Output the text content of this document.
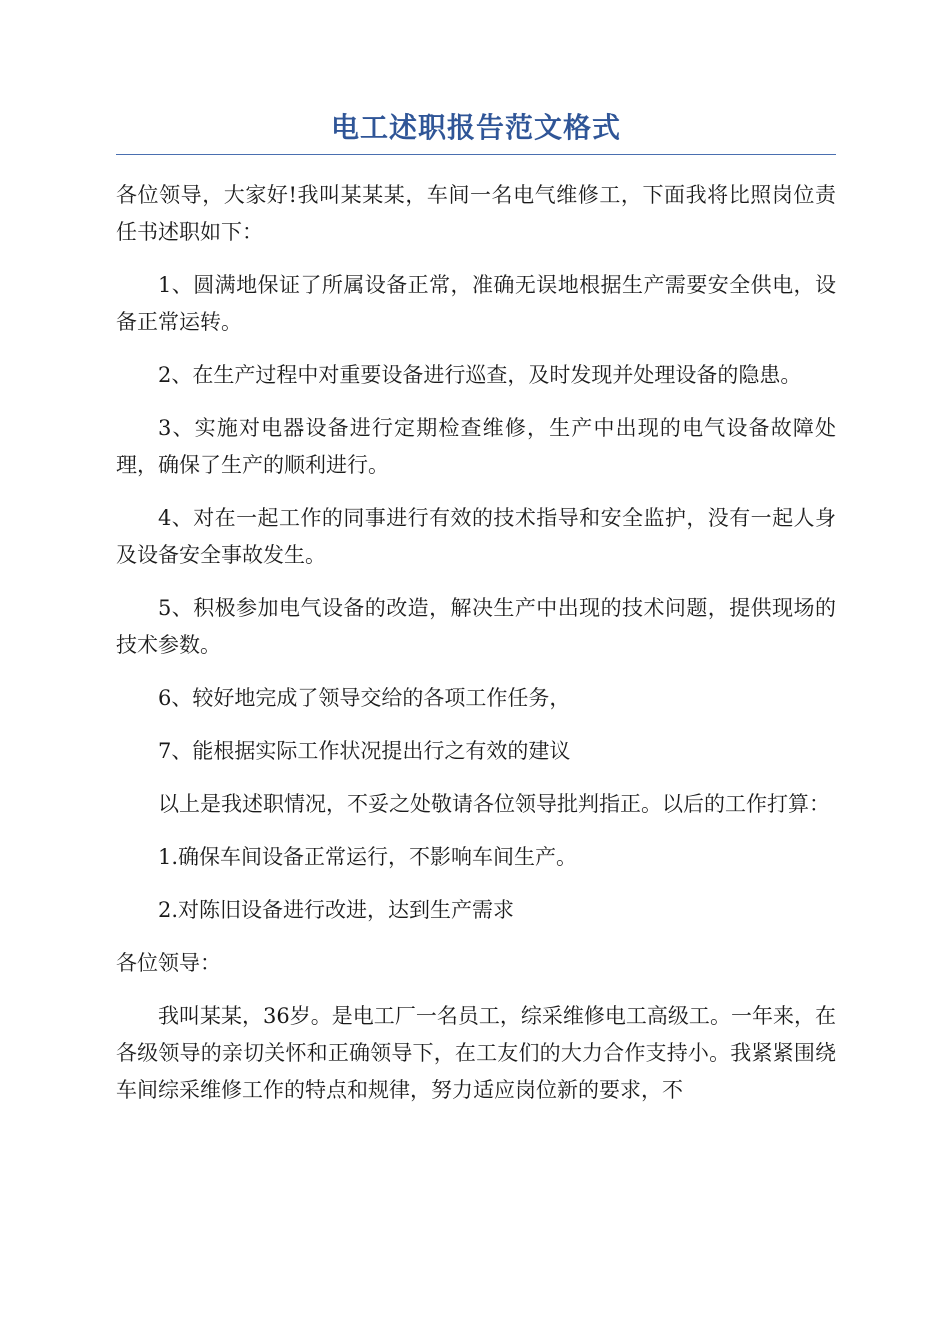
电工述职报告范文格式

各位领导，大家好!我叫某某某，车间一名电气维修工，下面我将比照岗位责任书述职如下：

1、圆满地保证了所属设备正常，准确无误地根据生产需要安全供电，设备正常运转。

2、在生产过程中对重要设备进行巡查，及时发现并处理设备的隐患。

3、实施对电器设备进行定期检查维修，生产中出现的电气设备故障处理，确保了生产的顺利进行。

4、对在一起工作的同事进行有效的技术指导和安全监护，没有一起人身及设备安全事故发生。

5、积极参加电气设备的改造，解决生产中出现的技术问题，提供现场的技术参数。

6、较好地完成了领导交给的各项工作任务，

7、能根据实际工作状况提出行之有效的建议

以上是我述职情况，不妥之处敬请各位领导批判指正。以后的工作打算：

1.确保车间设备正常运行，不影响车间生产。

2.对陈旧设备进行改进，达到生产需求

各位领导：

我叫某某，36岁。是电工厂一名员工，综采维修电工高级工。一年来，在各级领导的亲切关怀和正确领导下，在工友们的大力合作支持小。我紧紧围绕车间综采维修工作的特点和规律，努力适应岗位新的要求，不
